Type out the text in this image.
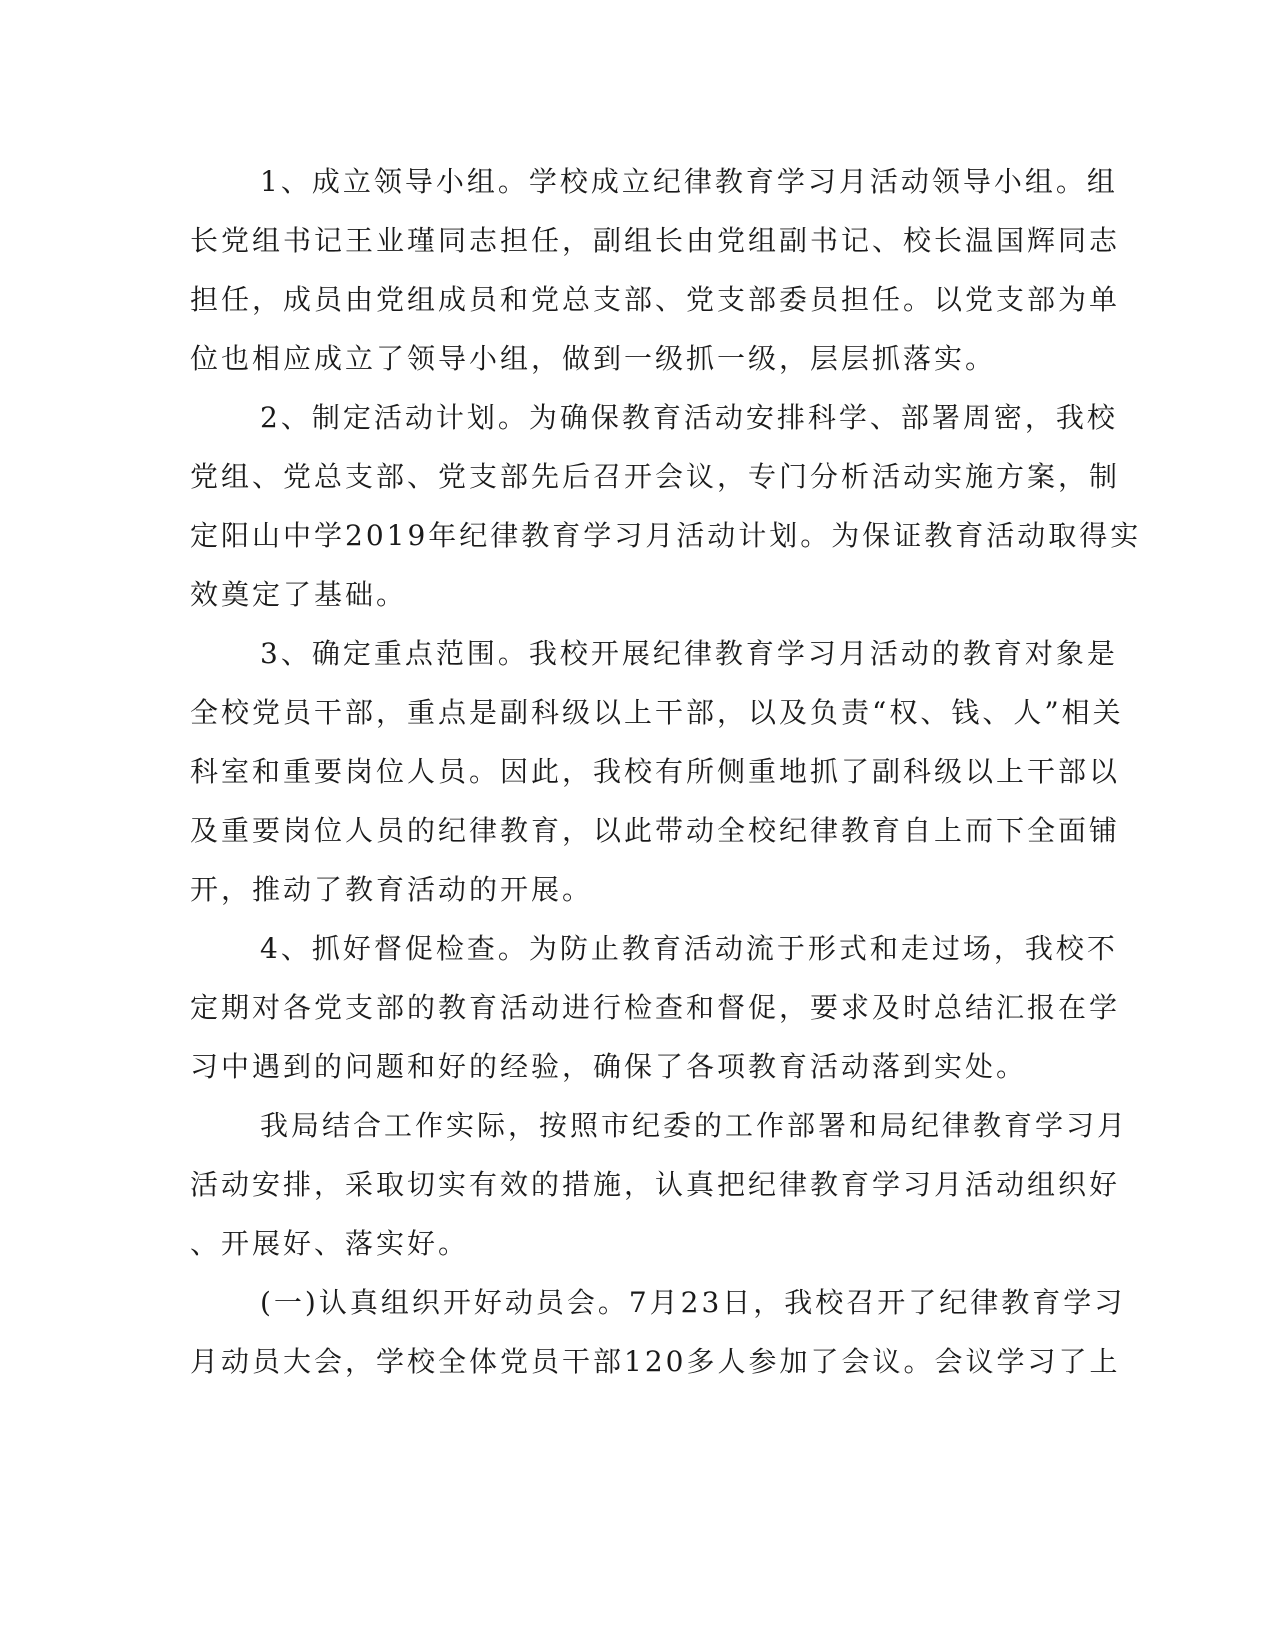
1、成立领导小组。学校成立纪律教育学习月活动领导小组。组
长党组书记王业瑾同志担任，副组长由党组副书记、校长温国辉同志
担任，成员由党组成员和党总支部、党支部委员担任。以党支部为单
位也相应成立了领导小组，做到一级抓一级，层层抓落实。
2、制定活动计划。为确保教育活动安排科学、部署周密，我校
党组、党总支部、党支部先后召开会议，专门分析活动实施方案，制
定阳山中学2019年纪律教育学习月活动计划。为保证教育活动取得实
效奠定了基础。
3、确定重点范围。我校开展纪律教育学习月活动的教育对象是
全校党员干部，重点是副科级以上干部，以及负责“权、钱、人”相关
科室和重要岗位人员。因此，我校有所侧重地抓了副科级以上干部以
及重要岗位人员的纪律教育，以此带动全校纪律教育自上而下全面铺
开，推动了教育活动的开展。
4、抓好督促检查。为防止教育活动流于形式和走过场，我校不
定期对各党支部的教育活动进行检查和督促，要求及时总结汇报在学
习中遇到的问题和好的经验，确保了各项教育活动落到实处。
我局结合工作实际，按照市纪委的工作部署和局纪律教育学习月
活动安排，采取切实有效的措施，认真把纪律教育学习月活动组织好
、开展好、落实好。
(一)认真组织开好动员会。7月23日，我校召开了纪律教育学习
月动员大会，学校全体党员干部120多人参加了会议。会议学习了上
